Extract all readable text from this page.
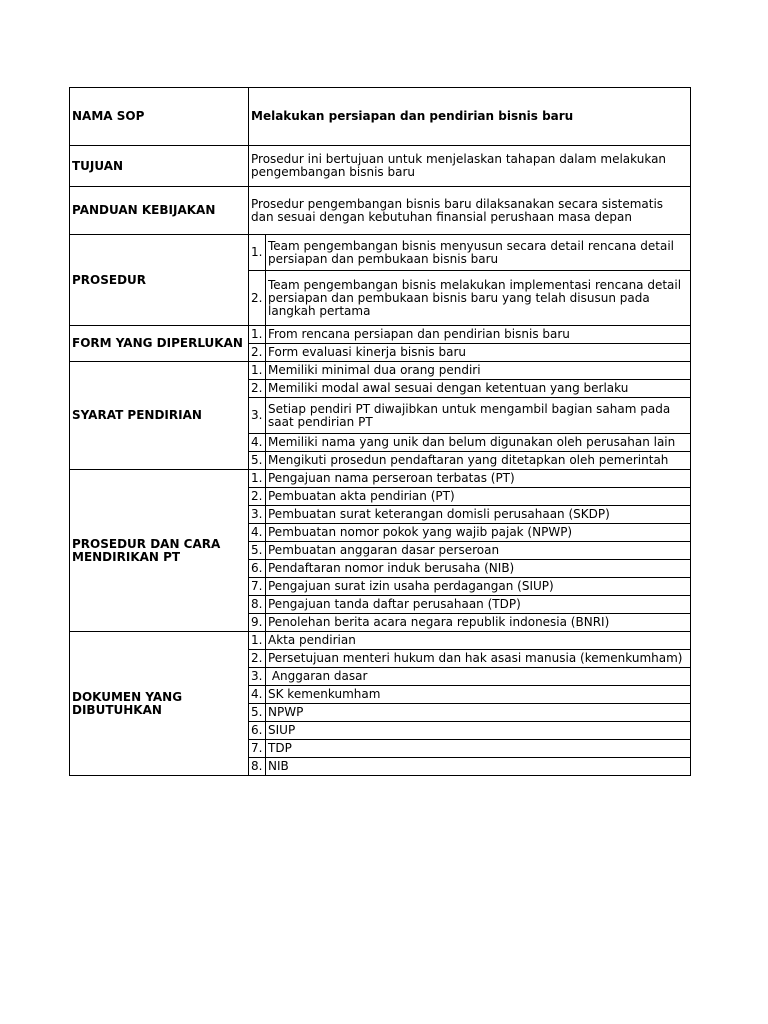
NAMA SOP	Melakukan persiapan dan pendirian bisnis baru	
TUJUAN	Prosedur ini bertujuan untuk menjelaskan tahapan dalam melakukan pengembangan bisnis baru	
PANDUAN KEBIJAKAN	Prosedur pengembangan bisnis baru dilaksanakan secara sistematis dan sesuai dengan kebutuhan finansial perushaan masa depan	
PROSEDUR	1.	Team pengembangan bisnis menyusun secara detail rencana detail persiapan dan pembukaan bisnis baru
	2.	Team pengembangan bisnis melakukan implementasi rencana detail persiapan dan pembukaan bisnis baru yang telah disusun pada langkah pertama
FORM YANG DIPERLUKAN	1.	From rencana persiapan dan pendirian bisnis baru
	2.	Form evaluasi kinerja bisnis baru
SYARAT PENDIRIAN	1.	Memiliki minimal dua orang pendiri
	2.	Memiliki modal awal sesuai dengan ketentuan yang berlaku
	3.	Setiap pendiri PT diwajibkan untuk mengambil bagian saham pada saat pendirian PT
	4.	Memiliki nama yang unik dan belum digunakan oleh perusahan lain
	5.	Mengikuti prosedun pendaftaran yang ditetapkan oleh pemerintah
PROSEDUR DAN CARA MENDIRIKAN PT	1.	Pengajuan nama perseroan terbatas (PT)
	2.	Pembuatan akta pendirian (PT)
	3.	Pembuatan surat keterangan domisli perusahaan (SKDP)
	4.	Pembuatan nomor pokok yang wajib pajak (NPWP)
	5.	Pembuatan anggaran dasar perseroan
	6.	Pendaftaran nomor induk berusaha (NIB)
	7.	Pengajuan surat izin usaha perdagangan (SIUP)
	8.	Pengajuan tanda daftar perusahaan (TDP)
	9.	Penolehan berita acara negara republik indonesia (BNRI)
DOKUMEN YANG DIBUTUHKAN	1.	Akta pendirian
	2.	Persetujuan menteri hukum dan hak asasi manusia (kemenkumham)
	3.	Anggaran dasar
	4.	SK kemenkumham
	5.	NPWP
	6.	SIUP
	7.	TDP
	8.	NIB
